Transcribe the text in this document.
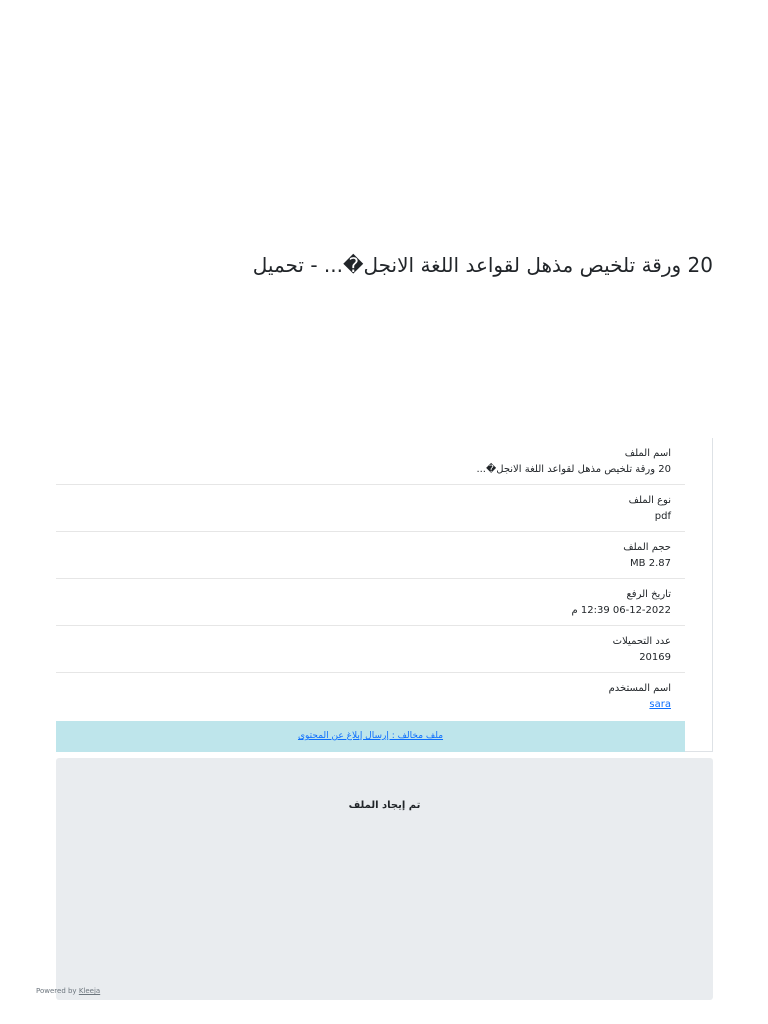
20 ورقة تلخيص مذهل لقواعد اللغة الانجل�... - تحميل
اسم الملف
20 ورقة تلخيص مذهل لقواعد اللغة الانجل�...
نوع الملف
pdf
حجم الملف
2.87 MB
تاريخ الرفع
06-12-2022 12:39 م
عدد التحميلات
20169
اسم المستخدم
sara
ملف مخالف : إرسال إبلاغ عن المحتوى
تم إيجاد الملف
Powered by Kleeja
